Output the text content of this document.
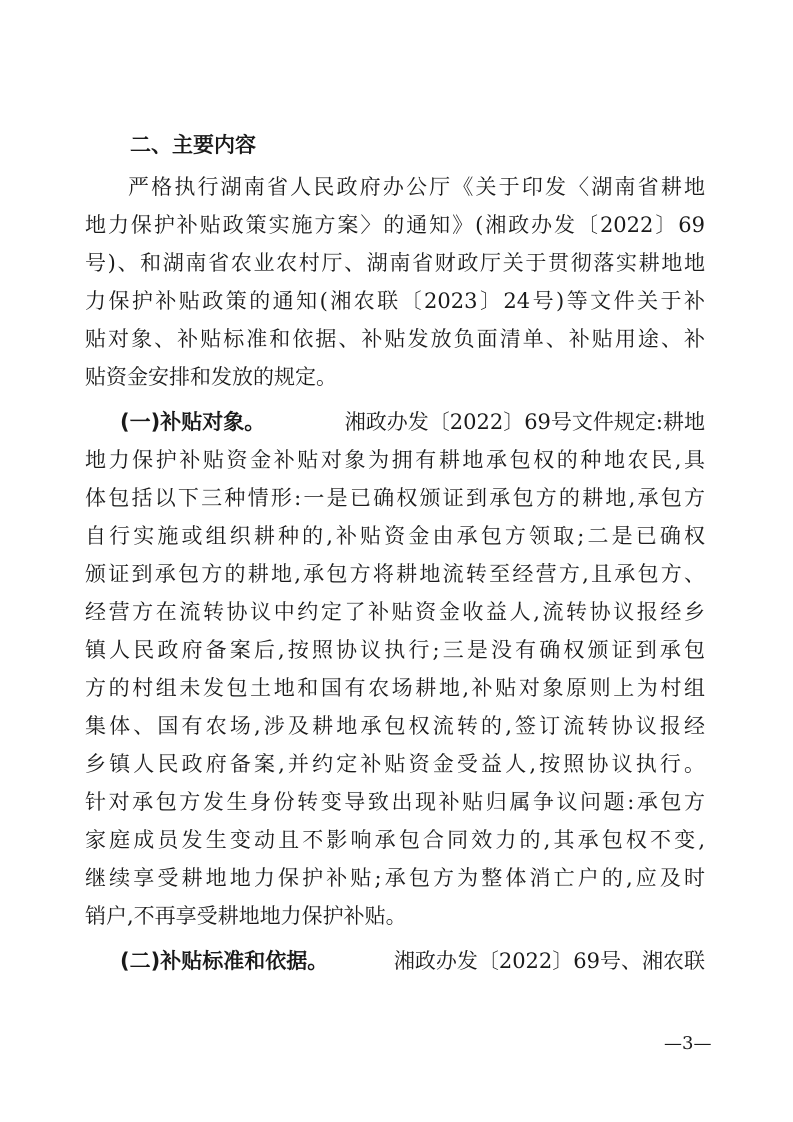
二、主要内容
严格执行湖南省人民政府办公厅《关于印发〈湖南省耕地
地力保护补贴政策实施方案〉的通知》(湘政办发〔2022〕69
号)、和湖南省农业农村厅、湖南省财政厅关于贯彻落实耕地地
力保护补贴政策的通知(湘农联〔2023〕24号)等文件关于补
贴对象、补贴标准和依据、补贴发放负面清单、补贴用途、补
贴资金安排和发放的规定。
(一)补贴对象。	湘政办发〔2022〕69号文件规定:耕地
地力保护补贴资金补贴对象为拥有耕地承包权的种地农民,具
体包括以下三种情形:一是已确权颁证到承包方的耕地,承包方
自行实施或组织耕种的,补贴资金由承包方领取;二是已确权
颁证到承包方的耕地,承包方将耕地流转至经营方,且承包方、
经营方在流转协议中约定了补贴资金收益人,流转协议报经乡
镇人民政府备案后,按照协议执行;三是没有确权颁证到承包
方的村组未发包土地和国有农场耕地,补贴对象原则上为村组
集体、国有农场,涉及耕地承包权流转的,签订流转协议报经
乡镇人民政府备案,并约定补贴资金受益人,按照协议执行。
针对承包方发生身份转变导致出现补贴归属争议问题:承包方
家庭成员发生变动且不影响承包合同效力的,其承包权不变,
继续享受耕地地力保护补贴;承包方为整体消亡户的,应及时
销户,不再享受耕地地力保护补贴。
(二)补贴标准和依据。	湘政办发〔2022〕69号、湘农联
—3—
